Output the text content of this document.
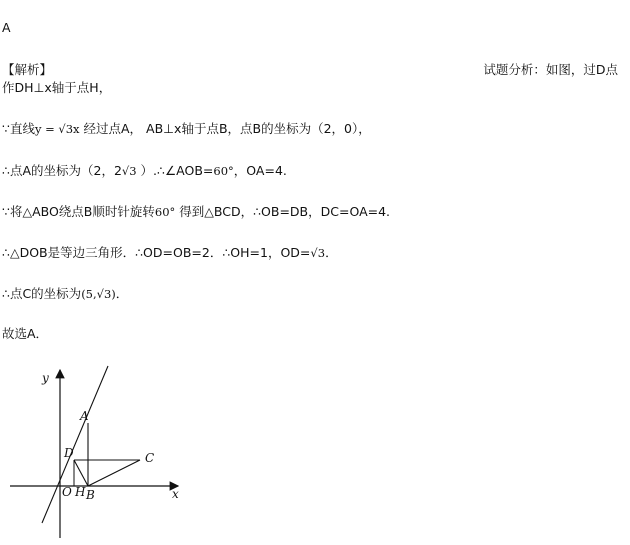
A
【解析】	试题分析：如图，过D点
作DH⊥x轴于点H，
∵直线y = √3x 经过点A， AB⊥x轴于点B，点B的坐标为（2，0），
∴点A的坐标为（2，2√3 ）.∴∠AOB=60°，OA=4.
∵将△ABO绕点B顺时针旋转60° 得到△BCD，∴OB=DB，DC=OA=4.
∴△DOB是等边三角形．∴OD=OB=2．∴OH=1，OD=√3．
∴点C的坐标为(5,√3)．
故选A．
y
x
A
D	C
O H B
